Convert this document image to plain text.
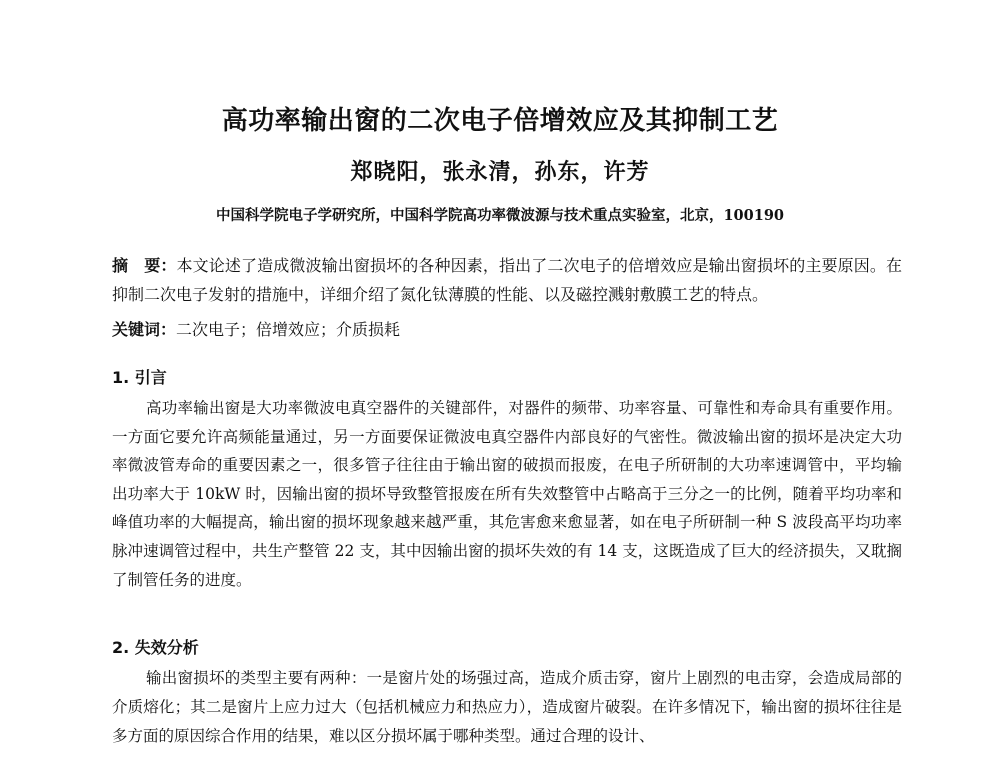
高功率输出窗的二次电子倍增效应及其抑制工艺
郑晓阳，张永清，孙东，许芳
中国科学院电子学研究所，中国科学院高功率微波源与技术重点实验室，北京，100190
摘　要：本文论述了造成微波输出窗损坏的各种因素，指出了二次电子的倍增效应是输出窗损坏的主要原因。在抑制二次电子发射的措施中，详细介绍了氮化钛薄膜的性能、以及磁控溅射敷膜工艺的特点。
关键词：二次电子；倍增效应；介质损耗
1. 引言
高功率输出窗是大功率微波电真空器件的关键部件，对器件的频带、功率容量、可靠性和寿命具有重要作用。一方面它要允许高频能量通过，另一方面要保证微波电真空器件内部良好的气密性。微波输出窗的损坏是决定大功率微波管寿命的重要因素之一，很多管子往往由于输出窗的破损而报废，在电子所研制的大功率速调管中，平均输出功率大于 10kW 时，因输出窗的损坏导致整管报废在所有失效整管中占略高于三分之一的比例，随着平均功率和峰值功率的大幅提高，输出窗的损坏现象越来越严重，其危害愈来愈显著，如在电子所研制一种 S 波段高平均功率脉冲速调管过程中，共生产整管 22 支，其中因输出窗的损坏失效的有 14 支，这既造成了巨大的经济损失，又耽搁了制管任务的进度。
2. 失效分析
输出窗损坏的类型主要有两种：一是窗片处的场强过高，造成介质击穿，窗片上剧烈的电击穿，会造成局部的介质熔化；其二是窗片上应力过大（包括机械应力和热应力），造成窗片破裂。在许多情况下，输出窗的损坏往往是多方面的原因综合作用的结果，难以区分损坏属于哪种类型。通过合理的设计、
